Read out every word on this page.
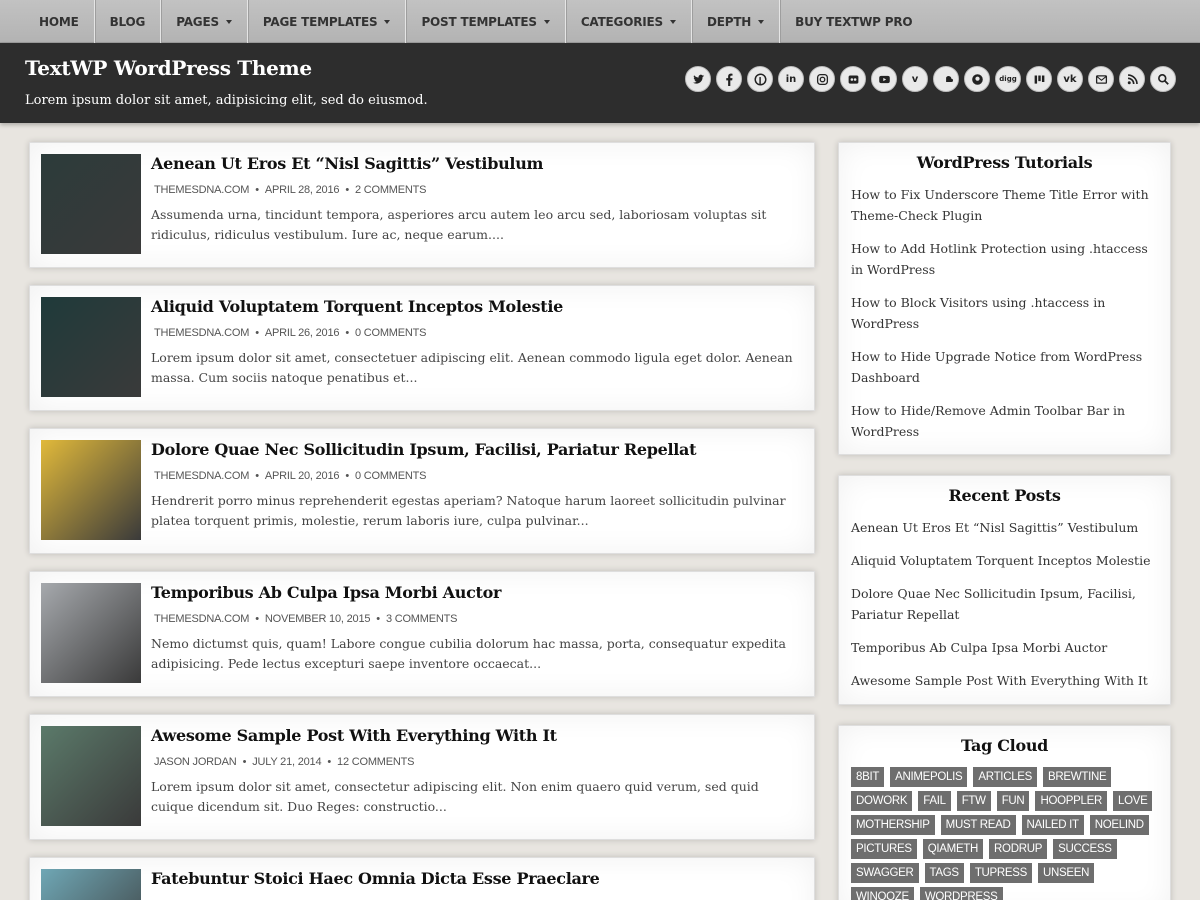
HOME	BLOG	PAGES	PAGE TEMPLATES	POST TEMPLATES	CATEGORIES	DEPTH	BUY TEXTWP PRO
TextWP WordPress Theme
Lorem ipsum dolor sit amet, adipisicing elit, sed do eiusmod.
in	v	digg	vk
Aenean Ut Eros Et “Nisl Sagittis” Vestibulum
THEMESDNA.COM • APRIL 28, 2016 • 2 COMMENTS
Assumenda urna, tincidunt tempora, asperiores arcu autem leo arcu sed, laboriosam voluptas sit ridiculus, ridiculus vestibulum. Iure ac, neque earum....
Aliquid Voluptatem Torquent Inceptos Molestie
THEMESDNA.COM • APRIL 26, 2016 • 0 COMMENTS
Lorem ipsum dolor sit amet, consectetuer adipiscing elit. Aenean commodo ligula eget dolor. Aenean massa. Cum sociis natoque penatibus et...
Dolore Quae Nec Sollicitudin Ipsum, Facilisi, Pariatur Repellat
THEMESDNA.COM • APRIL 20, 2016 • 0 COMMENTS
Hendrerit porro minus reprehenderit egestas aperiam? Natoque harum laoreet sollicitudin pulvinar platea torquent primis, molestie, rerum laboris iure, culpa pulvinar...
Temporibus Ab Culpa Ipsa Morbi Auctor
THEMESDNA.COM • NOVEMBER 10, 2015 • 3 COMMENTS
Nemo dictumst quis, quam! Labore congue cubilia dolorum hac massa, porta, consequatur expedita adipisicing. Pede lectus excepturi saepe inventore occaecat...
Awesome Sample Post With Everything With It
JASON JORDAN • JULY 21, 2014 • 12 COMMENTS
Lorem ipsum dolor sit amet, consectetur adipiscing elit. Non enim quaero quid verum, sed quid cuique dicendum sit. Duo Reges: constructio...
Fatebuntur Stoici Haec Omnia Dicta Esse Praeclare
WordPress Tutorials
How to Fix Underscore Theme Title Error with Theme-Check Plugin
How to Add Hotlink Protection using .htaccess in WordPress
How to Block Visitors using .htaccess in WordPress
How to Hide Upgrade Notice from WordPress Dashboard
How to Hide/Remove Admin Toolbar Bar in WordPress
Recent Posts
Aenean Ut Eros Et “Nisl Sagittis” Vestibulum
Aliquid Voluptatem Torquent Inceptos Molestie
Dolore Quae Nec Sollicitudin Ipsum, Facilisi, Pariatur Repellat
Temporibus Ab Culpa Ipsa Morbi Auctor
Awesome Sample Post With Everything With It
Tag Cloud
8BIT	ANIMEPOLIS	ARTICLES	BREWTINE
DOWORK	FAIL	FTW	FUN	HOOPPLER	LOVE
MOTHERSHIP	MUST READ	NAILED IT	NOELIND
PICTURES	QIAMETH	RODRUP	SUCCESS
SWAGGER	TAGS	TUPRESS	UNSEEN
WINOOZE	WORDPRESS
